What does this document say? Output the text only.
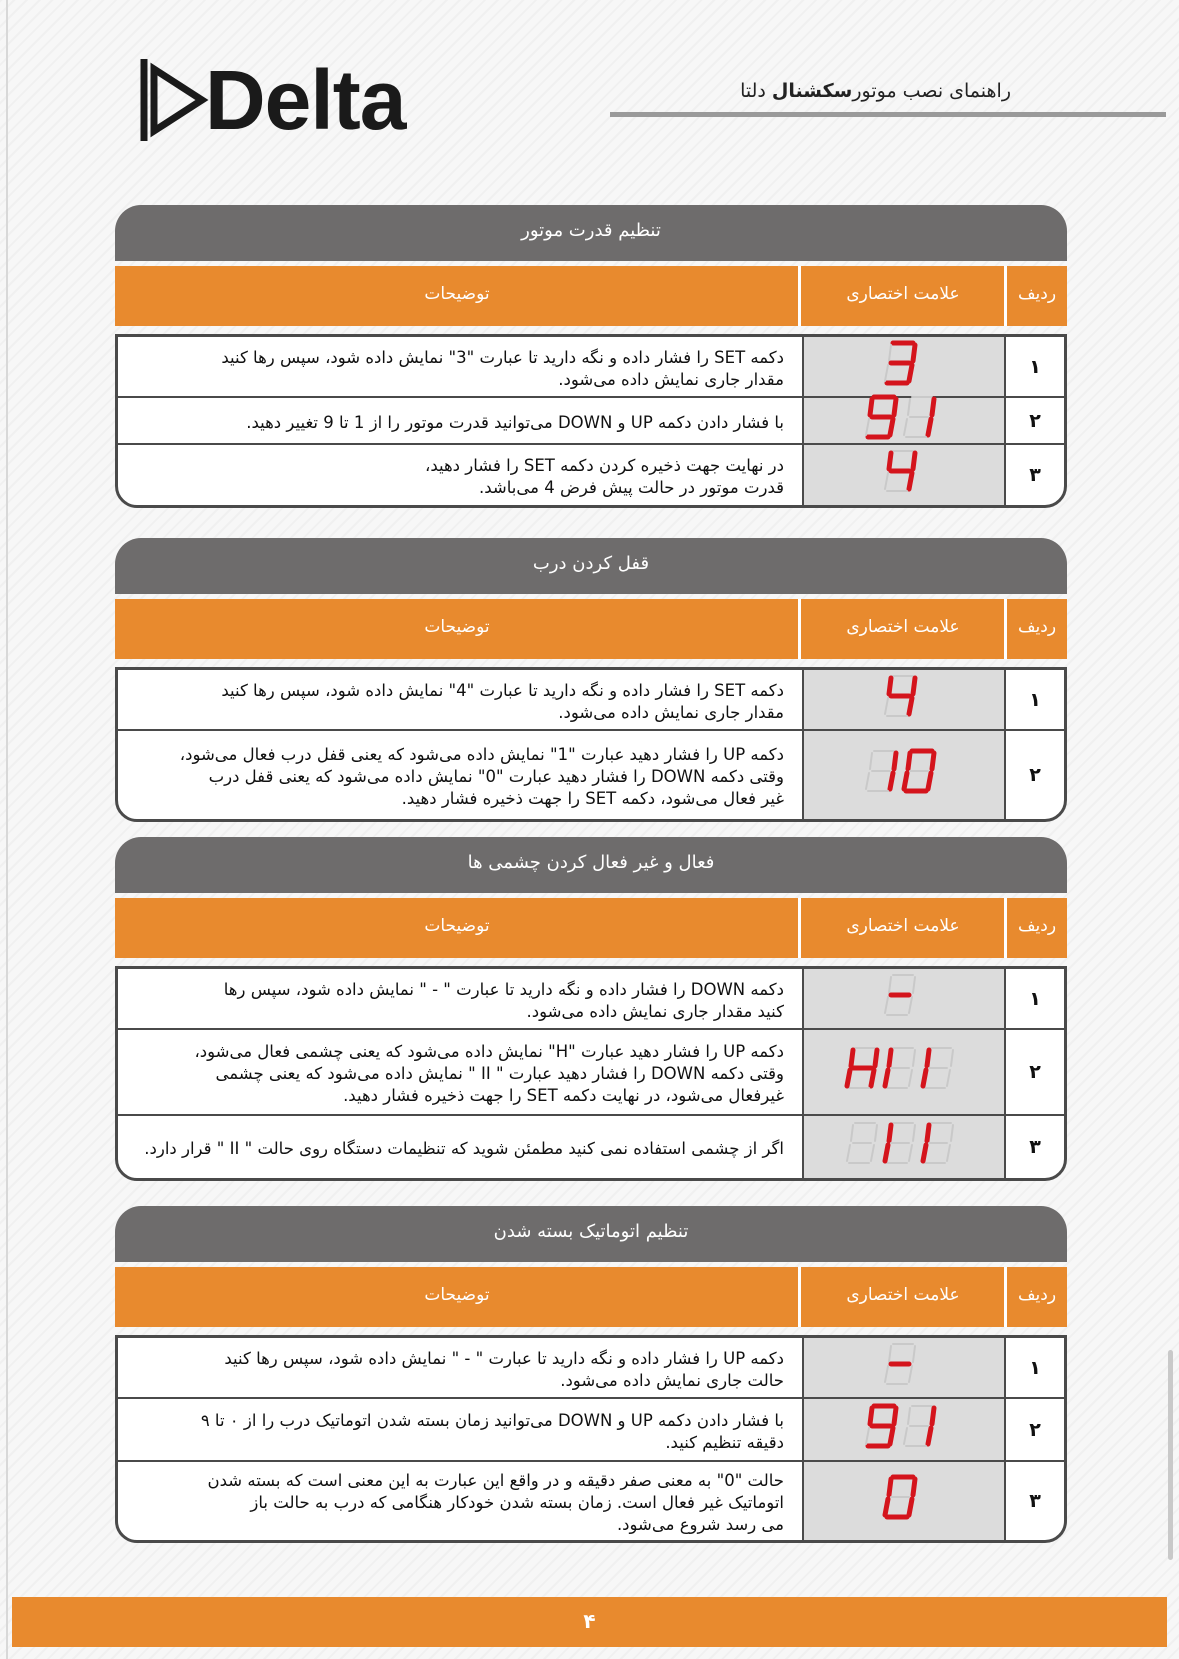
Delta	راهنمای نصب موتورسکشنال دلتا
تنظیم قدرت موتور
ردیف
علامت اختصاری
توضیحات
۱
دکمه SET را فشار داده و نگه دارید تا عبارت "3" نمایش داده شود، سپس رها کنید
مقدار جاری نمایش داده می‌شود.
۲
با فشار دادن دکمه UP و DOWN می‌توانید قدرت موتور را از 1 تا 9 تغییر دهید.
۳
در نهایت جهت ذخیره کردن دکمه SET را فشار دهید،
قدرت موتور در حالت پیش فرض 4 می‌باشد.
قفل کردن درب
ردیف
علامت اختصاری
توضیحات
۱
دکمه SET را فشار داده و نگه دارید تا عبارت "4" نمایش داده شود، سپس رها کنید
مقدار جاری نمایش داده می‌شود.
۲
دکمه UP را فشار دهید عبارت "1" نمایش داده می‌شود که یعنی قفل درب فعال می‌شود،
وقتی دکمه DOWN را فشار دهید عبارت "0" نمایش داده می‌شود که یعنی قفل درب
غیر فعال می‌شود، دکمه SET را جهت ذخیره فشار دهید.
فعال و غیر فعال کردن چشمی ها
ردیف
علامت اختصاری
توضیحات
۱
دکمه DOWN را فشار داده و نگه دارید تا عبارت " - " نمایش داده شود، سپس رها
کنید مقدار جاری نمایش داده می‌شود.
۲
دکمه UP را فشار دهید عبارت "H" نمایش داده می‌شود که یعنی چشمی فعال می‌شود،
وقتی دکمه DOWN را فشار دهید عبارت " II " نمایش داده می‌شود که یعنی چشمی
غیرفعال می‌شود، در نهایت دکمه SET را جهت ذخیره فشار دهید.
۳
اگر از چشمی استفاده نمی کنید مطمئن شوید که تنظیمات دستگاه روی حالت " II " قرار دارد.
تنظیم اتوماتیک بسته شدن
ردیف
علامت اختصاری
توضیحات
۱
دکمه UP را فشار داده و نگه دارید تا عبارت " - " نمایش داده شود، سپس رها کنید
حالت جاری نمایش داده می‌شود.
۲
با فشار دادن دکمه UP و DOWN می‌توانید زمان بسته شدن اتوماتیک درب را از ٠ تا ۹
دقیقه تنظیم کنید.
۳
حالت "0" به معنی صفر دقیقه و در واقع این عبارت به این معنی است که بسته شدن
اتوماتیک غیر فعال است. زمان بسته شدن خودکار هنگامی که درب به حالت باز
می رسد شروع می‌شود.
۴
